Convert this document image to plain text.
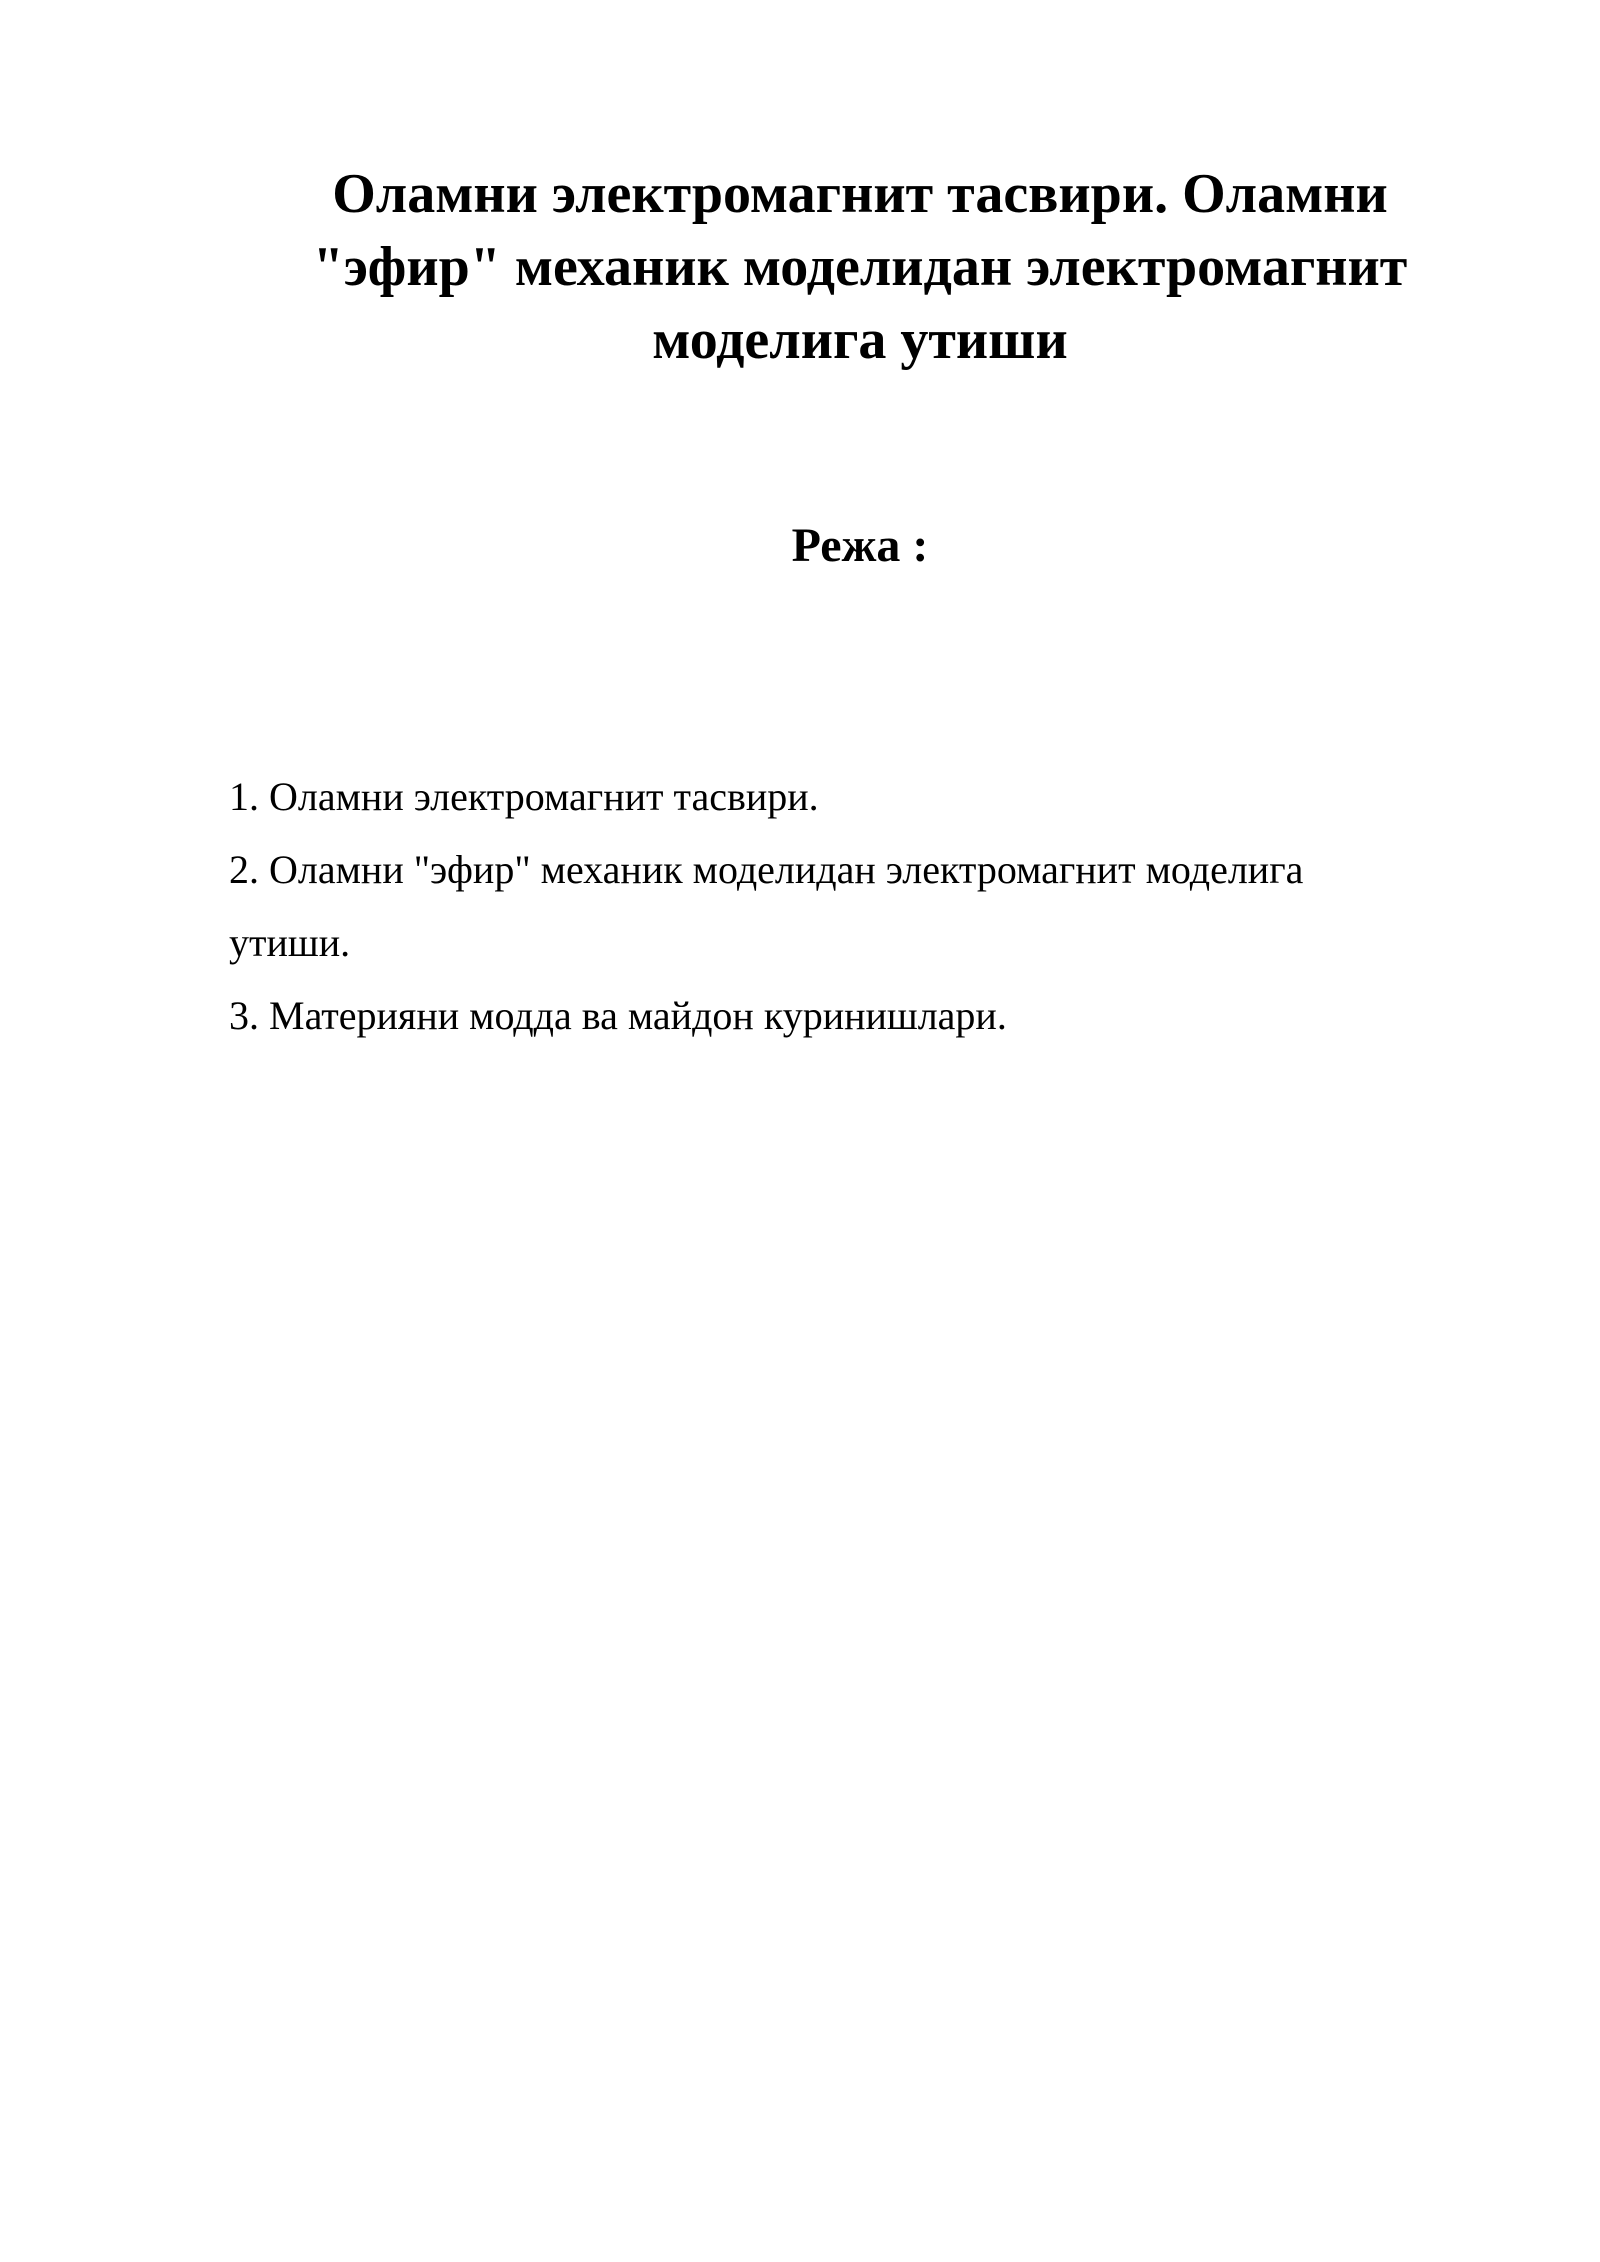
Оламни электромагнит тасвири. Оламни
"эфир" механик моделидан электромагнит
моделига утиши
Режа :
1. Оламни электромагнит тасвири.
2. Оламни "эфир" механик моделидан электромагнит моделига
утиши.
3. Материяни модда ва майдон куринишлари.
